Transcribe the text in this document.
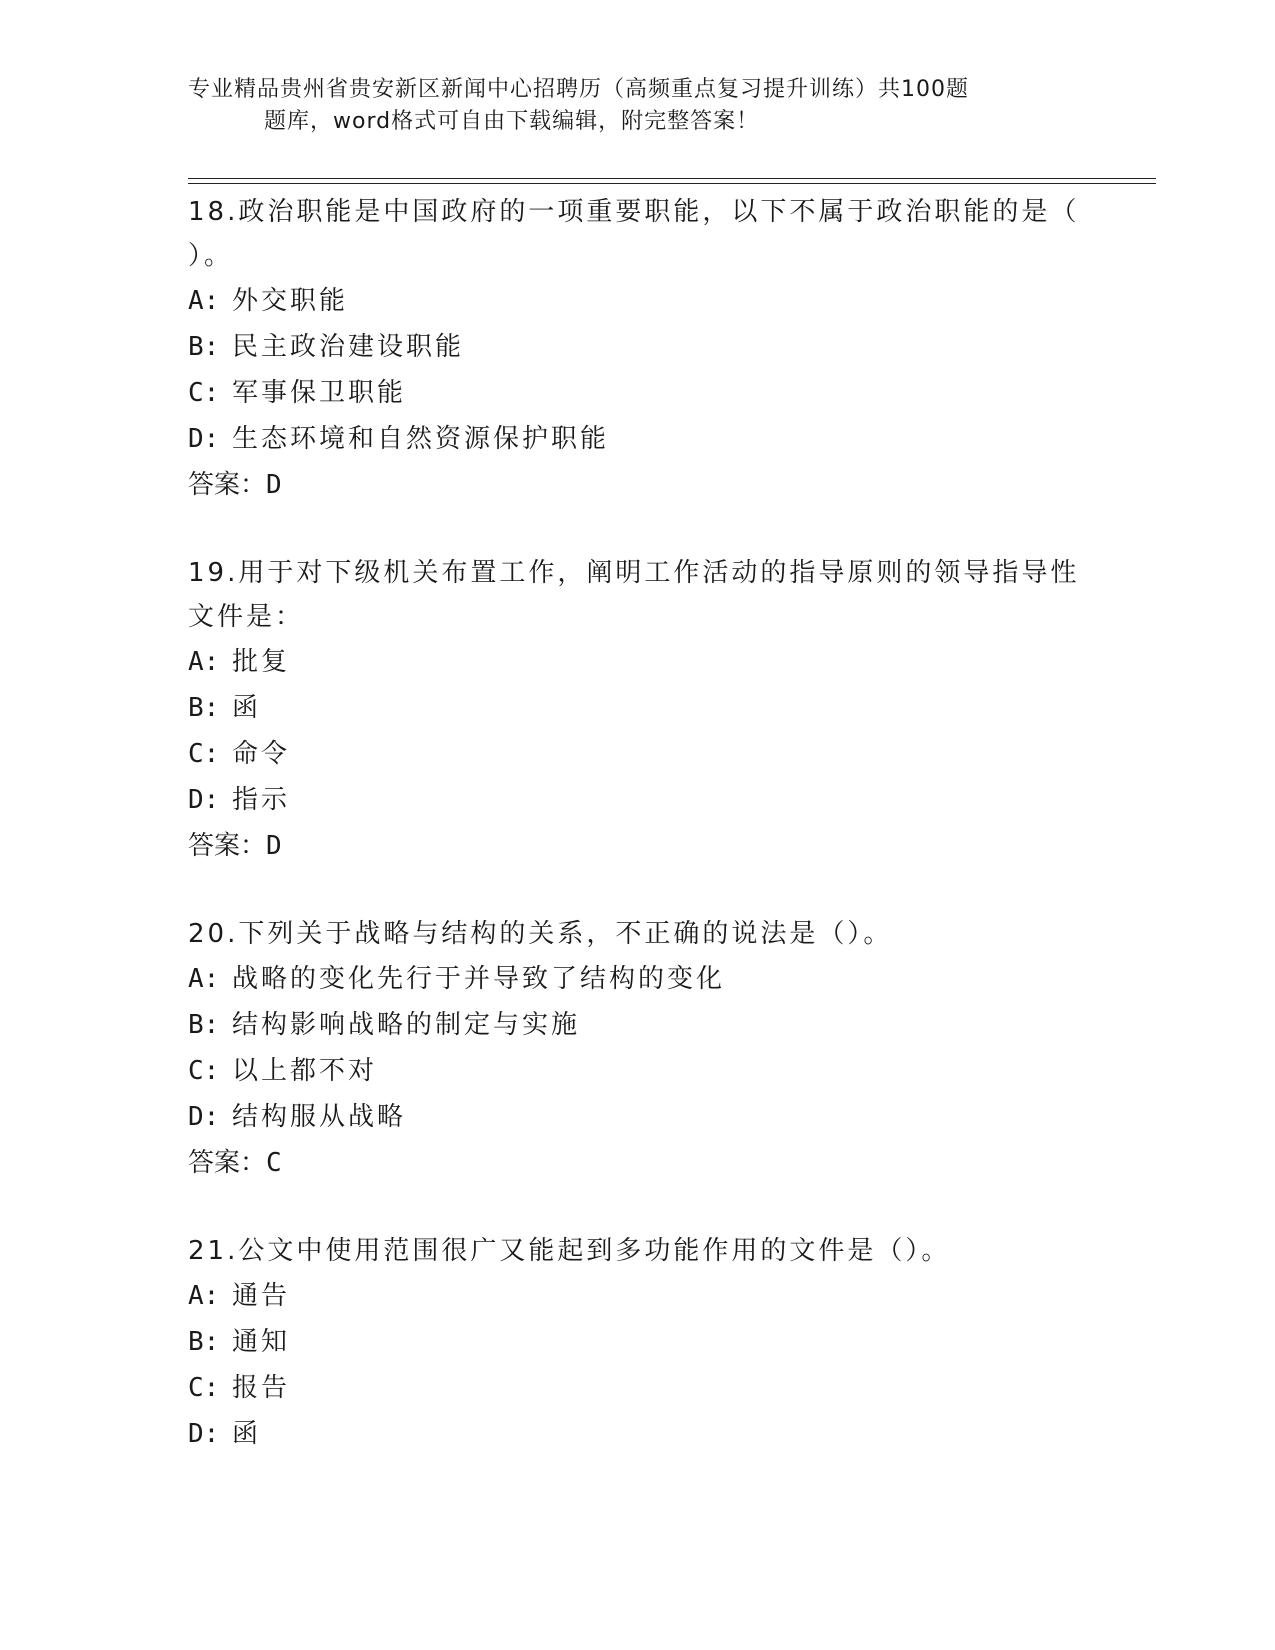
专业精品贵州省贵安新区新闻中心招聘历（高频重点复习提升训练）共100题
题库，word格式可自由下载编辑，附完整答案！
18.政治职能是中国政府的一项重要职能，以下不属于政治职能的是（ ）。
A: 外交职能
B: 民主政治建设职能
C: 军事保卫职能
D: 生态环境和自然资源保护职能
答案：D
19.用于对下级机关布置工作，阐明工作活动的指导原则的领导指导性文件是：
A: 批复
B: 函
C: 命令
D: 指示
答案：D
20.下列关于战略与结构的关系，不正确的说法是（）。
A: 战略的变化先行于并导致了结构的变化
B: 结构影响战略的制定与实施
C: 以上都不对
D: 结构服从战略
答案：C
21.公文中使用范围很广又能起到多功能作用的文件是（）。
A: 通告
B: 通知
C: 报告
D: 函
